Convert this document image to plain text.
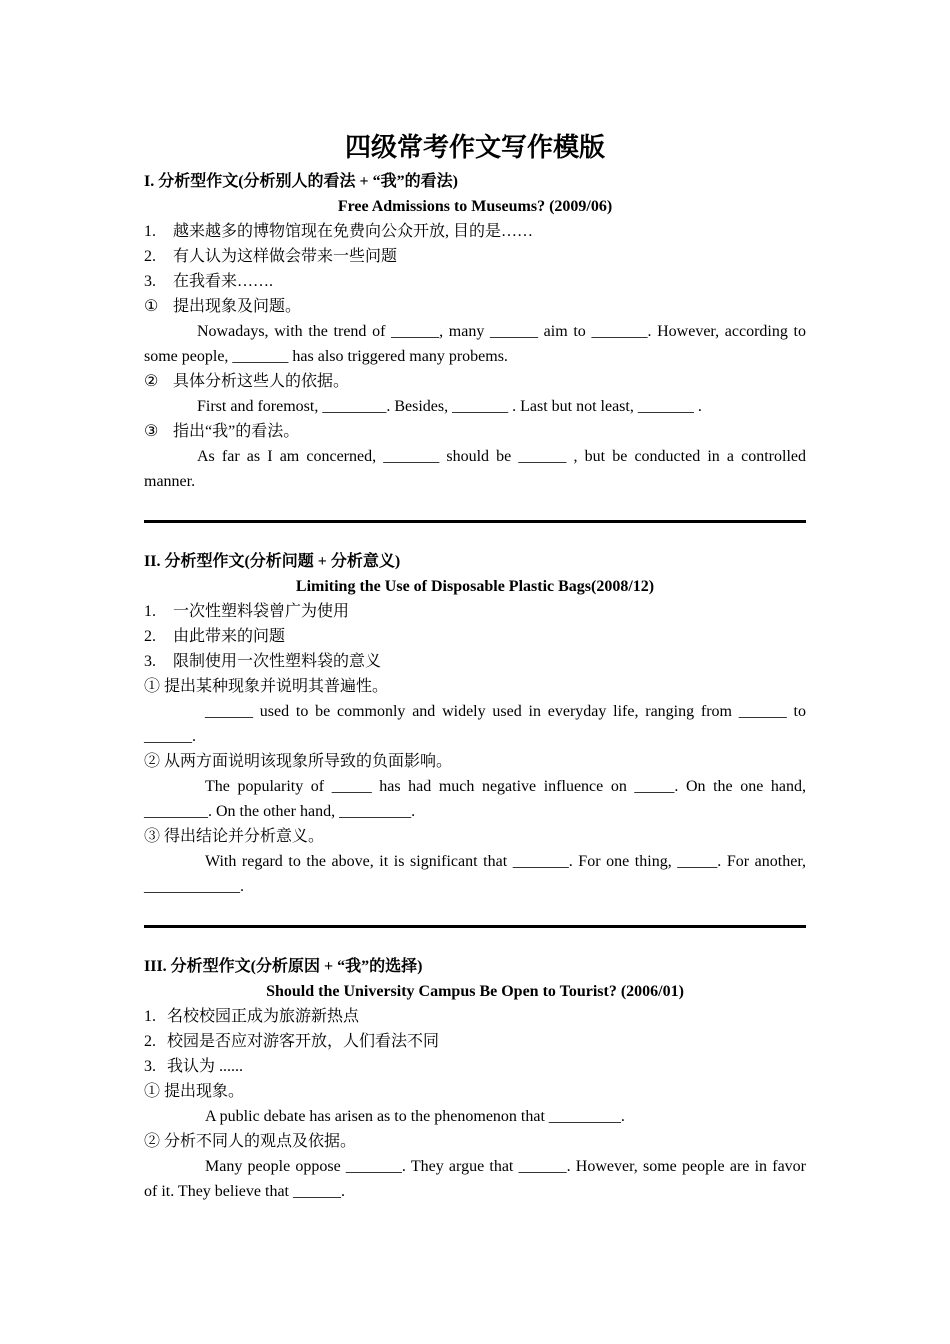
四级常考作文写作模版

I. 分析型作文(分析别人的看法 + “我”的看法)

Free Admissions to Museums? (2009/06)

1.	越来越多的博物馆现在免费向公众开放, 目的是……

2.	有人认为这样做会带来一些问题

3.	在我看来…….

① 提出现象及问题。

Nowadays, with the trend of ______, many ______ aim to _______. However, according to some people, _______ has also triggered many probems.

② 具体分析这些人的依据。

First and foremost, ________. Besides, _______ . Last but not least, _______ .

③ 指出“我”的看法。

As far as I am concerned, _______ should be ______ , but be conducted in a controlled manner.

II. 分析型作文(分析问题 + 分析意义)

Limiting the Use of Disposable Plastic Bags(2008/12)

1.	一次性塑料袋曾广为使用

2.	由此带来的问题

3.	限制使用一次性塑料袋的意义

① 提出某种现象并说明其普遍性。

______ used to be commonly and widely used in everyday life, ranging from ______ to ______.

② 从两方面说明该现象所导致的负面影响。

The popularity of _____ has had much negative influence on _____. On the one hand, ________. On the other hand, _________.

③ 得出结论并分析意义。

With regard to the above, it is significant that _______. For one thing, _____. For another, ____________.

III. 分析型作文(分析原因 + “我”的选择)

Should the University Campus Be Open to Tourist? (2006/01)

1. 名校校园正成为旅游新热点

2. 校园是否应对游客开放，人们看法不同

3. 我认为 ......

① 提出现象。

A public debate has arisen as to the phenomenon that _________.

② 分析不同人的观点及依据。

Many people oppose _______. They argue that ______. However, some people are in favor of it. They believe that ______.
